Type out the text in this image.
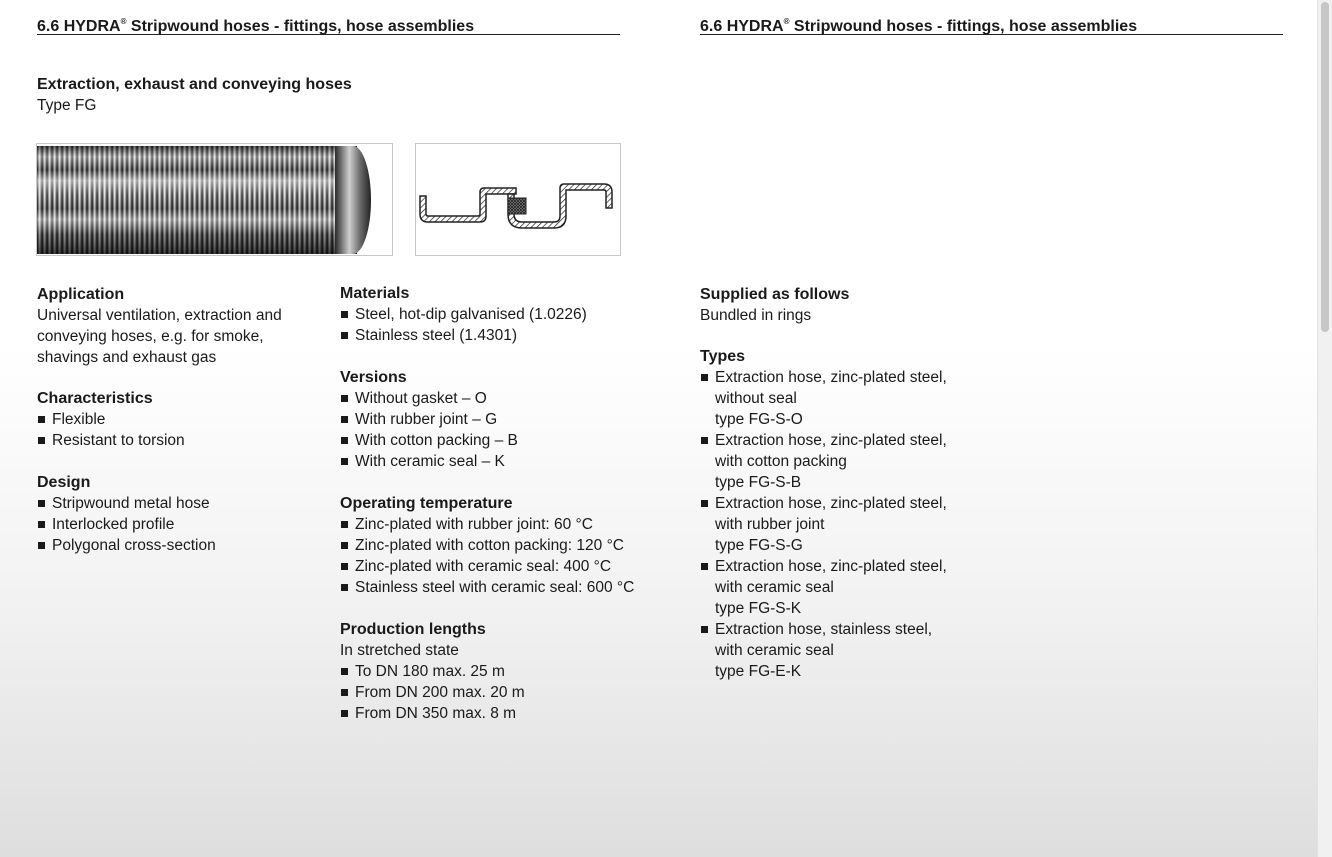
6.6 HYDRA® Stripwound hoses - fittings, hose assemblies	6.6 HYDRA® Stripwound hoses - fittings, hose assemblies
Extraction, exhaust and conveying hoses
Type FG
Application
Universal ventilation, extraction and
conveying hoses, e.g. for smoke,
shavings and exhaust gas
Characteristics
Flexible
Resistant to torsion
Design
Stripwound metal hose
Interlocked profile
Polygonal cross-section
Materials
Steel, hot-dip galvanised (1.0226)
Stainless steel (1.4301)
Versions
Without gasket – O
With rubber joint – G
With cotton packing – B
With ceramic seal – K
Operating temperature
Zinc-plated with rubber joint: 60 °C
Zinc-plated with cotton packing: 120 °C
Zinc-plated with ceramic seal: 400 °C
Stainless steel with ceramic seal: 600 °C
Production lengths
In stretched state
To DN 180 max. 25 m
From DN 200 max. 20 m
From DN 350 max. 8 m
Supplied as follows
Bundled in rings
Types
Extraction hose, zinc-plated steel,
without seal
type FG-S-O
Extraction hose, zinc-plated steel,
with cotton packing
type FG-S-B
Extraction hose, zinc-plated steel,
with rubber joint
type FG-S-G
Extraction hose, zinc-plated steel,
with ceramic seal
type FG-S-K
Extraction hose, stainless steel,
with ceramic seal
type FG-E-K
